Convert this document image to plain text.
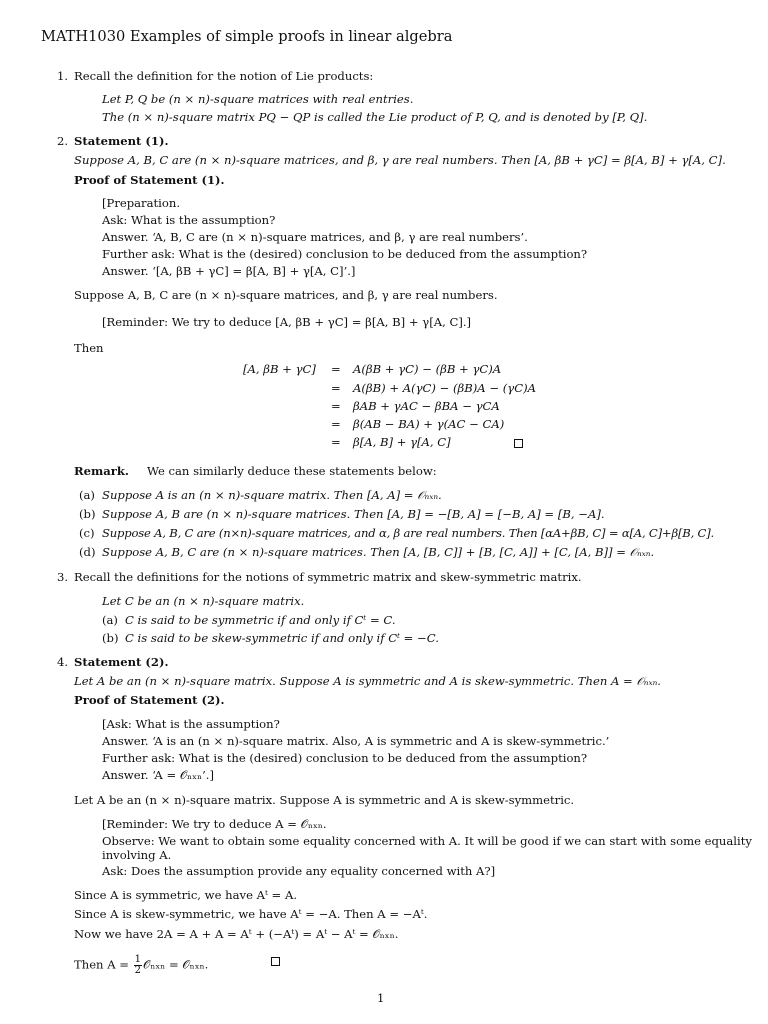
MATH1030 Examples of simple proofs in linear algebra
1. Recall the definition for the notion of Lie products:
Let P, Q be (n × n)-square matrices with real entries.
The (n × n)-square matrix PQ − QP is called the Lie product of P, Q, and is denoted by [P, Q].
2. Statement (1).
Suppose A, B, C are (n × n)-square matrices, and β, γ are real numbers. Then [A, βB + γC] = β[A, B] + γ[A, C].
Proof of Statement (1).
[Preparation.
Ask: What is the assumption?
Answer. ‘A, B, C are (n × n)-square matrices, and β, γ are real numbers’.
Further ask: What is the (desired) conclusion to be deduced from the assumption?
Answer. ‘[A, βB + γC] = β[A, B] + γ[A, C]’.]
Suppose A, B, C are (n × n)-square matrices, and β, γ are real numbers.
[Reminder: We try to deduce [A, βB + γC] = β[A, B] + γ[A, C].]
Then
[A, βB + γC] =
=
=
=
=
A(βB + γC) − (βB + γC)A
A(βB) + A(γC) − (βB)A − (γC)A
βAB + γAC − βBA − γCA
β(AB − BA) + γ(AC − CA)
β[A, B] + γ[A, C]
Remark. We can similarly deduce these statements below:
(a) Suppose A is an (n × n)-square matrix. Then [A, A] = 𝒪ₙₓₙ.
(b) Suppose A, B are (n × n)-square matrices. Then [A, B] = −[B, A] = [−B, A] = [B, −A].
(c) Suppose A, B, C are (n×n)-square matrices, and α, β are real numbers. Then [αA+βB, C] = α[A, C]+β[B, C].
(d) Suppose A, B, C are (n × n)-square matrices. Then [A, [B, C]] + [B, [C, A]] + [C, [A, B]] = 𝒪ₙₓₙ.
3. Recall the definitions for the notions of symmetric matrix and skew-symmetric matrix.
Let C be an (n × n)-square matrix.
(a) C is said to be symmetric if and only if Cᵗ = C.
(b) C is said to be skew-symmetric if and only if Cᵗ = −C.
4. Statement (2).
Let A be an (n × n)-square matrix. Suppose A is symmetric and A is skew-symmetric. Then A = 𝒪ₙₓₙ.
Proof of Statement (2).
[Ask: What is the assumption?
Answer. ‘A is an (n × n)-square matrix. Also, A is symmetric and A is skew-symmetric.’
Further ask: What is the (desired) conclusion to be deduced from the assumption?
Answer. ‘A = 𝒪ₙₓₙ’.]
Let A be an (n × n)-square matrix. Suppose A is symmetric and A is skew-symmetric.
[Reminder: We try to deduce A = 𝒪ₙₓₙ.
Observe: We want to obtain some equality concerned with A. It will be good if we can start with some equality
involving A.
Ask: Does the assumption provide any equality concerned with A?]
Since A is symmetric, we have Aᵗ = A.
Since A is skew-symmetric, we have Aᵗ = −A. Then A = −Aᵗ.
Now we have 2A = A + A = Aᵗ + (−Aᵗ) = Aᵗ − Aᵗ = 𝒪ₙₓₙ.
Then $A = \frac{1}{2}$ 𝒪ₙₓₙ = 𝒪ₙₓₙ.
1
